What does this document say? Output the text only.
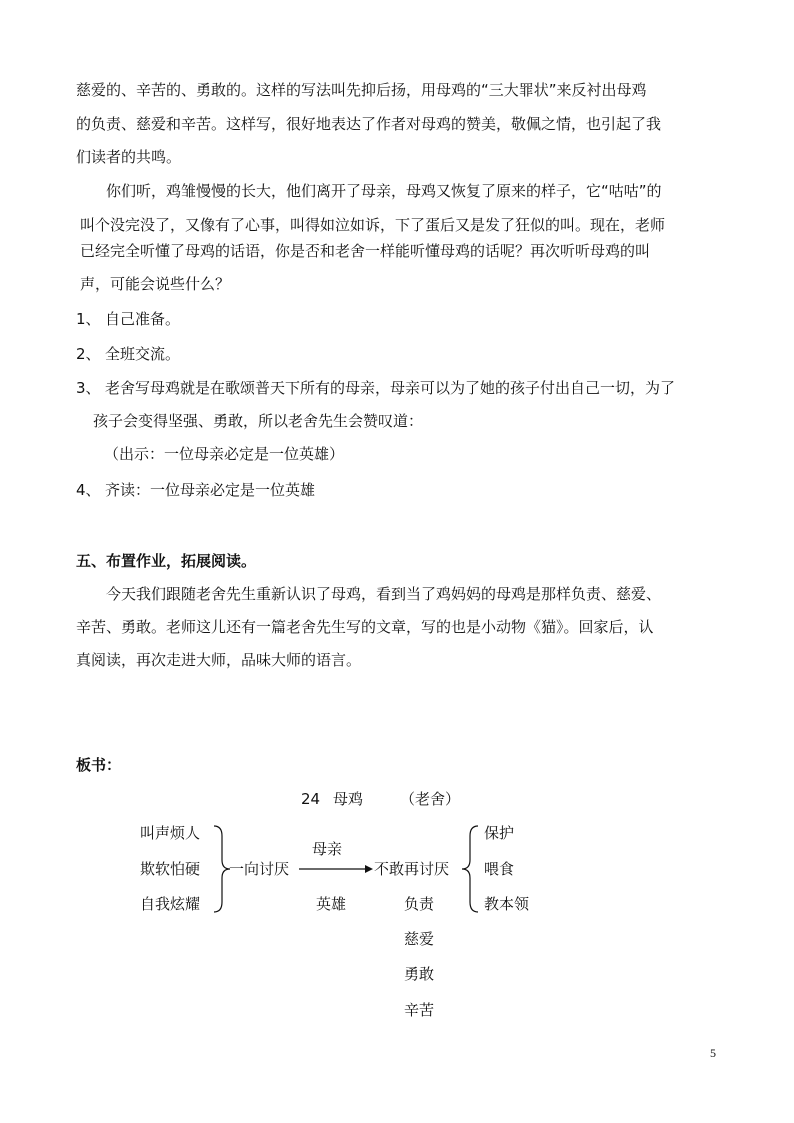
慈爱的、辛苦的、勇敢的。这样的写法叫先抑后扬，用母鸡的“三大罪状”来反衬出母鸡
的负责、慈爱和辛苦。这样写，很好地表达了作者对母鸡的赞美，敬佩之情，也引起了我
们读者的共鸣。
你们听，鸡雏慢慢的长大，他们离开了母亲，母鸡又恢复了原来的样子，它“咕咕”的
叫个没完没了，又像有了心事，叫得如泣如诉，下了蛋后又是发了狂似的叫。现在，老师
已经完全听懂了母鸡的话语，你是否和老舍一样能听懂母鸡的话呢？再次听听母鸡的叫
声，可能会说些什么？
1、 自己准备。
2、 全班交流。
3、 老舍写母鸡就是在歌颂普天下所有的母亲，母亲可以为了她的孩子付出自己一切，为了
孩子会变得坚强、勇敢，所以老舍先生会赞叹道：
（出示：一位母亲必定是一位英雄）
4、 齐读：一位母亲必定是一位英雄
五、布置作业，拓展阅读。
今天我们跟随老舍先生重新认识了母鸡，看到当了鸡妈妈的母鸡是那样负责、慈爱、
辛苦、勇敢。老师这儿还有一篇老舍先生写的文章，写的也是小动物《猫》。回家后，认
真阅读，再次走进大师，品味大师的语言。
板书：
24 母鸡 （老舍）
叫声烦人
欺软怕硬
自我炫耀
一向讨厌
母亲
不敢再讨厌
保护
喂食
教本领
英雄	负责
慈爱
勇敢
辛苦
5
